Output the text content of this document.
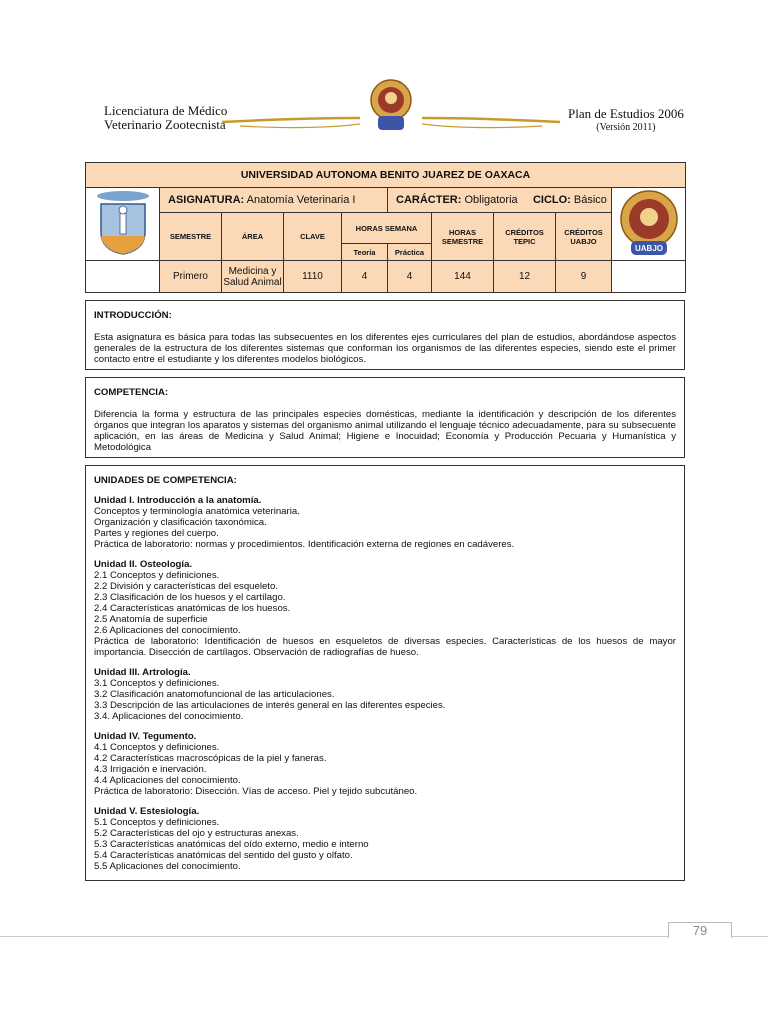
Licenciatura de Médico
Veterinario Zootecnista
Plan de Estudios 2006
(Versión 2011)
UNIVERSIDAD AUTONOMA BENITO JUAREZ DE OAXACA									
	ASIGNATURA: Anatomía Veterinaria I				CARÁCTER: Obligatoria CICLO: Básico				UABJO

	SEMESTRE	ÁREA	CLAVE	HORAS SEMANA		HORAS SEMESTRE	CRÉDITOS TEPIC	CRÉDITOS UABJO	
				Teoría	Práctica				
	Primero	Medicina y Salud Animal	1110	4	4	144	12	9	
INTRODUCCIÓN:
Esta asignatura es básica para todas las subsecuentes en los diferentes ejes curriculares del plan de estudios, abordándose aspectos generales de la estructura de los diferentes sistemas que conforman los organismos de las diferentes especies, siendo este el primer contacto entre el estudiante y los diferentes modelos biológicos.
COMPETENCIA:
Diferencia la forma y estructura de las principales especies domésticas, mediante la identificación y descripción de los diferentes órganos que integran los aparatos y sistemas del organismo animal utilizando el lenguaje técnico adecuadamente, para su subsecuente aplicación, en las áreas de Medicina y Salud Animal; Higiene e Inocuidad; Economía y Producción Pecuaria y Humanística y Metodológica
UNIDADES DE COMPETENCIA:
Unidad I. Introducción a la anatomía.
Conceptos y terminología anatómica veterinaria.
Organización y clasificación taxonómica.
Partes y regiones del cuerpo.
Práctica de laboratorio: normas y procedimientos. Identificación externa de regiones en cadáveres.
Unidad II. Osteología.
2.1 Conceptos y definiciones.
2.2 División y características del esqueleto.
2.3 Clasificación de los huesos y el cartílago.
2.4 Características anatómicas de los huesos.
2.5 Anatomía de superficie
2.6 Aplicaciones del conocimiento.
Práctica de laboratorio: Identificación de huesos en esqueletos de diversas especies. Características de los huesos de mayor importancia. Disección de cartílagos. Observación de radiografías de hueso.
Unidad III. Artrología.
3.1 Conceptos y definiciones.
3.2 Clasificación anatomofuncional de las articulaciones.
3.3 Descripción de las articulaciones de interés general en las diferentes especies.
3.4. Aplicaciones del conocimiento.
Unidad IV. Tegumento.
4.1 Conceptos y definiciones.
4.2 Características macroscópicas de la piel y faneras.
4.3 Irrigación e inervación.
4.4 Aplicaciones del conocimiento.
Práctica de laboratorio: Disección. Vías de acceso. Piel y tejido subcutáneo.
Unidad V. Estesiología.
5.1 Conceptos y definiciones.
5.2 Características del ojo y estructuras anexas.
5.3 Características anatómicas del oído externo, medio e interno
5.4 Características anatómicas del sentido del gusto y olfato.
5.5 Aplicaciones del conocimiento.
79
